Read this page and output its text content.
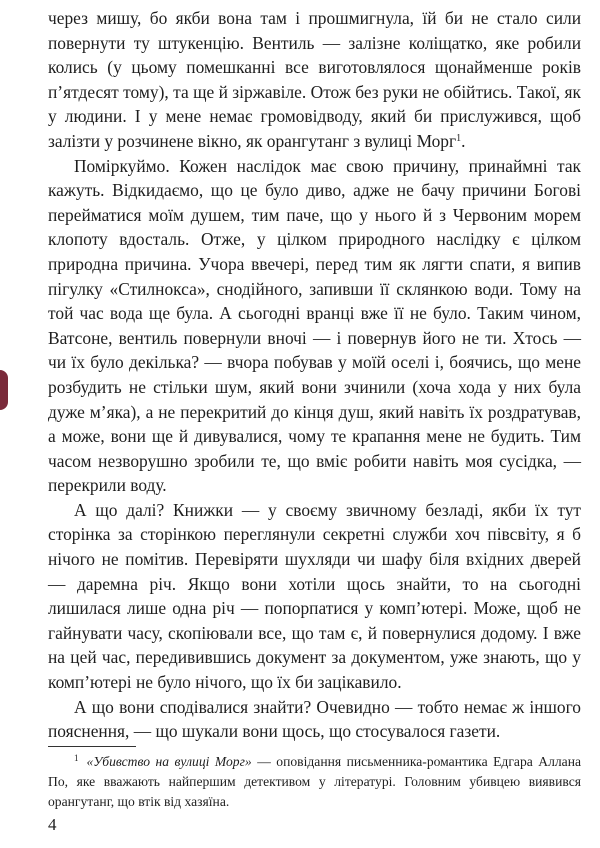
через мишу, бо якби вона там і прошмигнула, їй би не стало сили повернути ту штукенцію. Вентиль — залізне коліщатко, яке робили колись (у цьому помешканні все виготовлялося щонайменше років п’ятдесят тому), та ще й зіржавіле. Отож без руки не обійтись. Такої, як у людини. І у мене немає громовідводу, який би прислужився, щоб залізти у розчинене вікно, як орангутанг з вулиці Морг$^1$.

Поміркуймо. Кожен наслідок має свою причину, принаймні так кажуть. Відкидаємо, що це було диво, адже не бачу причини Богові перейматися моїм душем, тим паче, що у нього й з Червоним морем клопоту вдосталь. Отже, у цілком природного наслідку є цілком природна причина. Учора ввечері, перед тим як лягти спати, я випив пігулку «Стилнокса», снодійного, запивши її склянкою води. Тому на той час вода ще була. А сьогодні вранці вже її не було. Таким чином, Ватсоне, вентиль повернули вночі — і повернув його не ти. Хтось — чи їх було декілька? — вчора побував у моїй оселі і, боячись, що мене розбудить не стільки шум, який вони зчинили (хоча хода у них була дуже м’яка), а не перекритий до кінця душ, який навіть їх роздратував, а може, вони ще й дивувалися, чому те крапання мене не будить. Тим часом незворушно зробили те, що вміє робити навіть моя сусідка, — перекрили воду.

А що далі? Книжки — у своєму звичному безладі, якби їх тут сторінка за сторінкою переглянули секретні служби хоч півсвіту, я б нічого не помітив. Перевіряти шухляди чи шафу біля вхідних дверей — даремна річ. Якщо вони хотіли щось знайти, то на сьогодні лишилася лише одна річ — попорпатися у комп’ютері. Може, щоб не гайнувати часу, скопіювали все, що там є, й повернулися додому. І вже на цей час, передивившись документ за документом, уже знають, що у комп’ютері не було нічого, що їх би зацікавило.

А що вони сподівалися знайти? Очевидно — тобто немає ж іншого пояснення, — що шукали вони щось, що стосувалося газети.

$^1$ «Убивство на вулиці Морг» — оповідання письменника-романтика Едгара Аллана По, яке вважають найпершим детективом у літературі. Головним убивцею виявився орангутанг, що втік від хазяїна.

4
